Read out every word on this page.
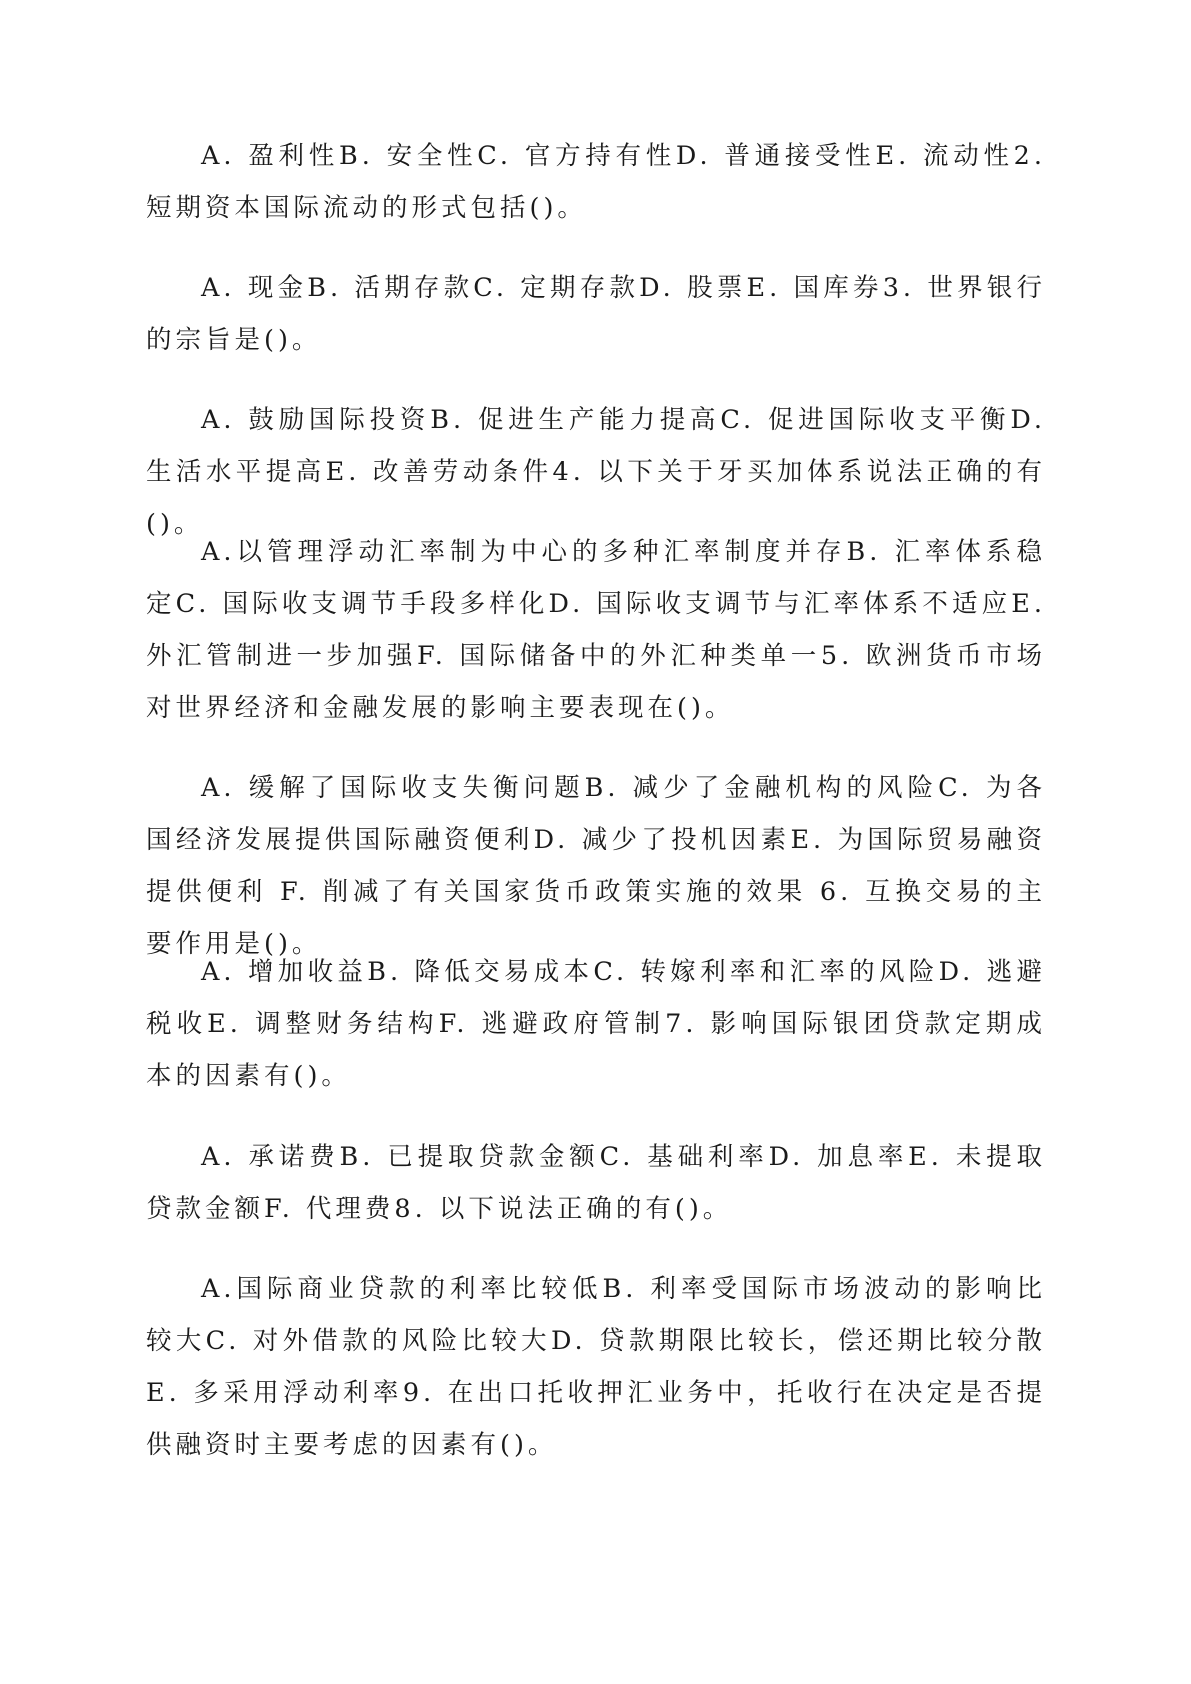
A. 盈利性B. 安全性C. 官方持有性D. 普通接受性E. 流动性2.短期资本国际流动的形式包括()。

A. 现金B. 活期存款C. 定期存款D. 股票E. 国库券3. 世界银行的宗旨是()。

A. 鼓励国际投资B. 促进生产能力提高C. 促进国际收支平衡D. 生活水平提高E. 改善劳动条件4. 以下关于牙买加体系说法正确的有()。

A.以管理浮动汇率制为中心的多种汇率制度并存B. 汇率体系稳定C. 国际收支调节手段多样化D. 国际收支调节与汇率体系不适应E. 外汇管制进一步加强F. 国际储备中的外汇种类单一5. 欧洲货币市场对世界经济和金融发展的影响主要表现在()。

A. 缓解了国际收支失衡问题B. 减少了金融机构的风险C. 为各国经济发展提供国际融资便利D. 减少了投机因素E. 为国际贸易融资提供便利 F. 削减了有关国家货币政策实施的效果 6. 互换交易的主要作用是()。

A. 增加收益B. 降低交易成本C. 转嫁利率和汇率的风险D. 逃避税收E. 调整财务结构F. 逃避政府管制7. 影响国际银团贷款定期成本的因素有()。

A. 承诺费B. 已提取贷款金额C. 基础利率D. 加息率E. 未提取贷款金额F. 代理费8. 以下说法正确的有()。

A.国际商业贷款的利率比较低B. 利率受国际市场波动的影响比较大C. 对外借款的风险比较大D. 贷款期限比较长，偿还期比较分散E. 多采用浮动利率9. 在出口托收押汇业务中，托收行在决定是否提供融资时主要考虑的因素有()。
